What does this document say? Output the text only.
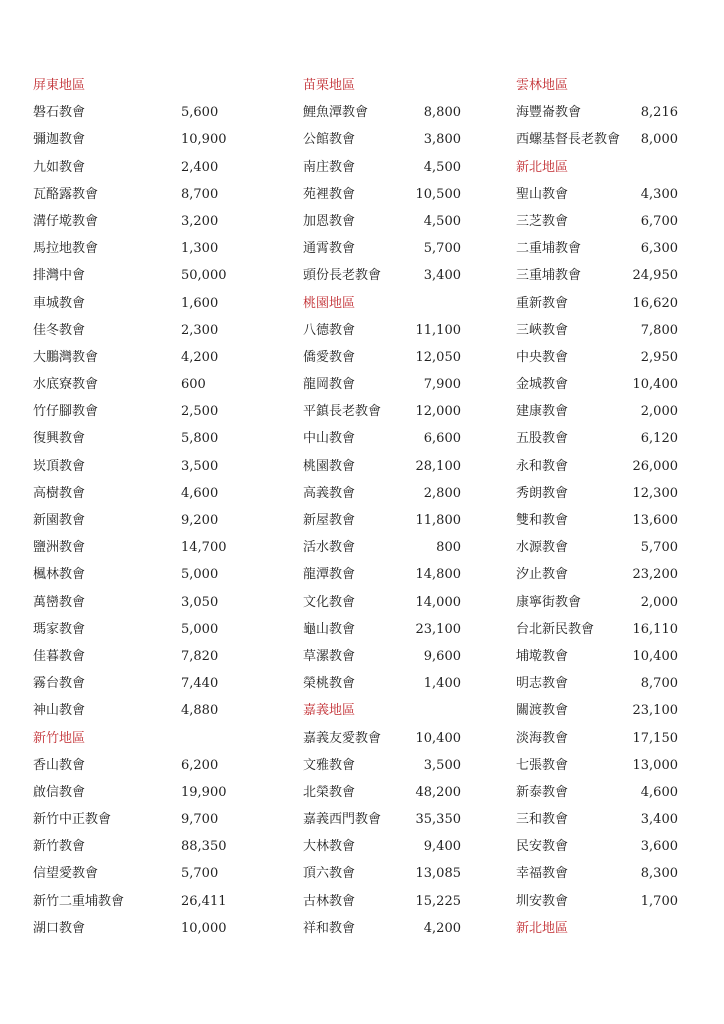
屏東地區
磐石教會	5,600
彌迦教會	10,900
九如教會	2,400
瓦酪露教會	8,700
溝仔墘教會	3,200
馬拉地教會	1,300
排灣中會	50,000
車城教會	1,600
佳冬教會	2,300
大鵬灣教會	4,200
水底寮教會	600
竹仔腳教會	2,500
復興教會	5,800
崁頂教會	3,500
高樹教會	4,600
新園教會	9,200
鹽洲教會	14,700
楓林教會	5,000
萬巒教會	3,050
瑪家教會	5,000
佳暮教會	7,820
霧台教會	7,440
神山教會	4,880
新竹地區
香山教會	6,200
啟信教會	19,900
新竹中正教會	9,700
新竹教會	88,350
信望愛教會	5,700
新竹二重埔教會	26,411
湖口教會	10,000
苗栗地區
鯉魚潭教會	8,800
公館教會	3,800
南庄教會	4,500
苑裡教會	10,500
加恩教會	4,500
通霄教會	5,700
頭份長老教會	3,400
桃園地區
八德教會	11,100
僑愛教會	12,050
龍岡教會	7,900
平鎮長老教會	12,000
中山教會	6,600
桃園教會	28,100
高義教會	2,800
新屋教會	11,800
活水教會	800
龍潭教會	14,800
文化教會	14,000
龜山教會	23,100
草漯教會	9,600
榮桃教會	1,400
嘉義地區
嘉義友愛教會	10,400
文雅教會	3,500
北榮教會	48,200
嘉義西門教會	35,350
大林教會	9,400
頂六教會	13,085
古林教會	15,225
祥和教會	4,200
雲林地區
海豐崙教會	8,216
西螺基督長老教會 8,000
新北地區
聖山教會	4,300
三芝教會	6,700
二重埔教會	6,300
三重埔教會	24,950
重新教會	16,620
三峽教會	7,800
中央教會	2,950
金城教會	10,400
建康教會	2,000
五股教會	6,120
永和教會	26,000
秀朗教會	12,300
雙和教會	13,600
水源教會	5,700
汐止教會	23,200
康寧街教會	2,000
台北新民教會	16,110
埔墘教會	10,400
明志教會	8,700
關渡教會	23,100
淡海教會	17,150
七張教會	13,000
新泰教會	4,600
三和教會	3,400
民安教會	3,600
幸福教會	8,300
圳安教會	1,700
新北地區
